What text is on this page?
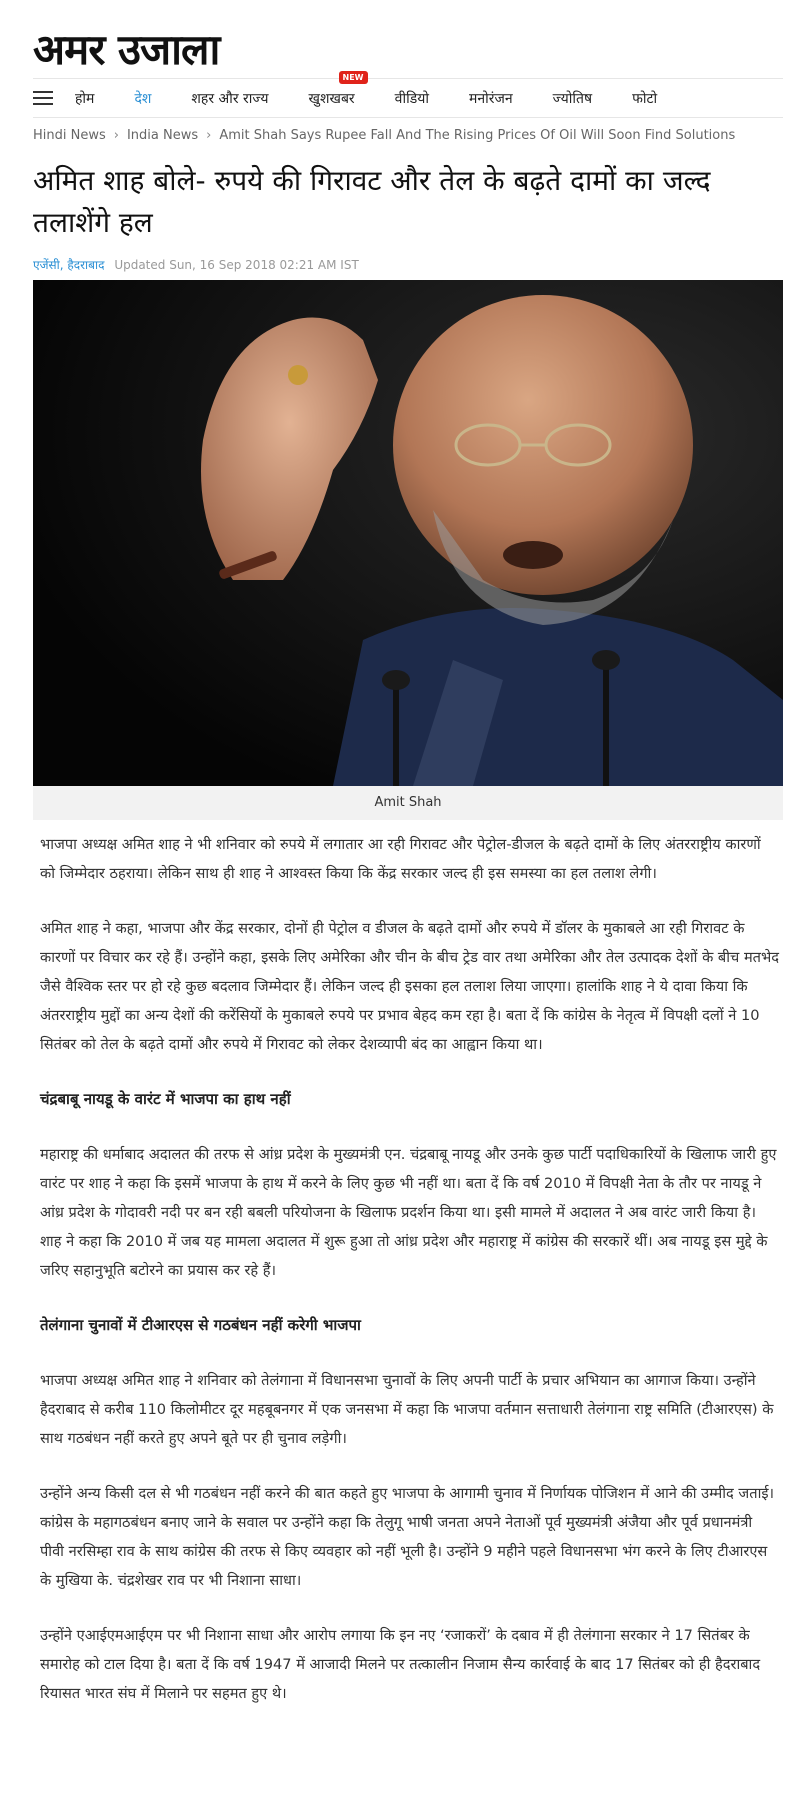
अमर उजाला
होम	देश	शहर और राज्य	खुशखबर
NEW
वीडियो	मनोरंजन	ज्योतिष	फोटो
Hindi News › India News › Amit Shah Says Rupee Fall And The Rising Prices Of Oil Will Soon Find Solutions
अमित शाह बोले- रुपये की गिरावट और तेल के बढ़ते दामों का जल्द तलाशेंगे हल
एजेंसी, हैदराबाद Updated Sun, 16 Sep 2018 02:21 AM IST
Amit Shah

भाजपा अध्यक्ष अमित शाह ने भी शनिवार को रुपये में लगातार आ रही गिरावट और पेट्रोल-डीजल के बढ़ते दामों के लिए अंतरराष्ट्रीय कारणों को जिम्मेदार ठहराया। लेकिन साथ ही शाह ने आश्वस्त किया कि केंद्र सरकार जल्द ही इस समस्या का हल तलाश लेगी।

अमित शाह ने कहा, भाजपा और केंद्र सरकार, दोनों ही पेट्रोल व डीजल के बढ़ते दामों और रुपये में डॉलर के मुकाबले आ रही गिरावट के कारणों पर विचार कर रहे हैं। उन्होंने कहा, इसके लिए अमेरिका और चीन के बीच ट्रेड वार तथा अमेरिका और तेल उत्पादक देशों के बीच मतभेद जैसे वैश्विक स्तर पर हो रहे कुछ बदलाव जिम्मेदार हैं। लेकिन जल्द ही इसका हल तलाश लिया जाएगा। हालांकि शाह ने ये दावा किया कि अंतरराष्ट्रीय मुद्दों का अन्य देशों की करेंसियों के मुकाबले रुपये पर प्रभाव बेहद कम रहा है। बता दें कि कांग्रेस के नेतृत्व में विपक्षी दलों ने 10 सितंबर को तेल के बढ़ते दामों और रुपये में गिरावट को लेकर देशव्यापी बंद का आह्वान किया था।

चंद्रबाबू नायडू के वारंट में भाजपा का हाथ नहीं

महाराष्ट्र की धर्माबाद अदालत की तरफ से आंध्र प्रदेश के मुख्यमंत्री एन. चंद्रबाबू नायडू और उनके कुछ पार्टी पदाधिकारियों के खिलाफ जारी हुए वारंट पर शाह ने कहा कि इसमें भाजपा के हाथ में करने के लिए कुछ भी नहीं था। बता दें कि वर्ष 2010 में विपक्षी नेता के तौर पर नायडू ने आंध्र प्रदेश के गोदावरी नदी पर बन रही बबली परियोजना के खिलाफ प्रदर्शन किया था। इसी मामले में अदालत ने अब वारंट जारी किया है। शाह ने कहा कि 2010 में जब यह मामला अदालत में शुरू हुआ तो आंध्र प्रदेश और महाराष्ट्र में कांग्रेस की सरकारें थीं। अब नायडू इस मुद्दे के जरिए सहानुभूति बटोरने का प्रयास कर रहे हैं।

तेलंगाना चुनावों में टीआरएस से गठबंधन नहीं करेगी भाजपा

भाजपा अध्यक्ष अमित शाह ने शनिवार को तेलंगाना में विधानसभा चुनावों के लिए अपनी पार्टी के प्रचार अभियान का आगाज किया। उन्होंने हैदराबाद से करीब 110 किलोमीटर दूर महबूबनगर में एक जनसभा में कहा कि भाजपा वर्तमान सत्ताधारी तेलंगाना राष्ट्र समिति (टीआरएस) के साथ गठबंधन नहीं करते हुए अपने बूते पर ही चुनाव लड़ेगी।

उन्होंने अन्य किसी दल से भी गठबंधन नहीं करने की बात कहते हुए भाजपा के आगामी चुनाव में निर्णायक पोजिशन में आने की उम्मीद जताई। कांग्रेस के महागठबंधन बनाए जाने के सवाल पर उन्होंने कहा कि तेलुगू भाषी जनता अपने नेताओं पूर्व मुख्यमंत्री अंजैया और पूर्व प्रधानमंत्री पीवी नरसिम्हा राव के साथ कांग्रेस की तरफ से किए व्यवहार को नहीं भूली है। उन्होंने 9 महीने पहले विधानसभा भंग करने के लिए टीआरएस के मुखिया के. चंद्रशेखर राव पर भी निशाना साधा।

उन्होंने एआईएमआईएम पर भी निशाना साधा और आरोप लगाया कि इन नए ‘रजाकरों’ के दबाव में ही तेलंगाना सरकार ने 17 सितंबर के समारोह को टाल दिया है। बता दें कि वर्ष 1947 में आजादी मिलने पर तत्कालीन निजाम सैन्य कार्रवाई के बाद 17 सितंबर को ही हैदराबाद रियासत भारत संघ में मिलाने पर सहमत हुए थे।
